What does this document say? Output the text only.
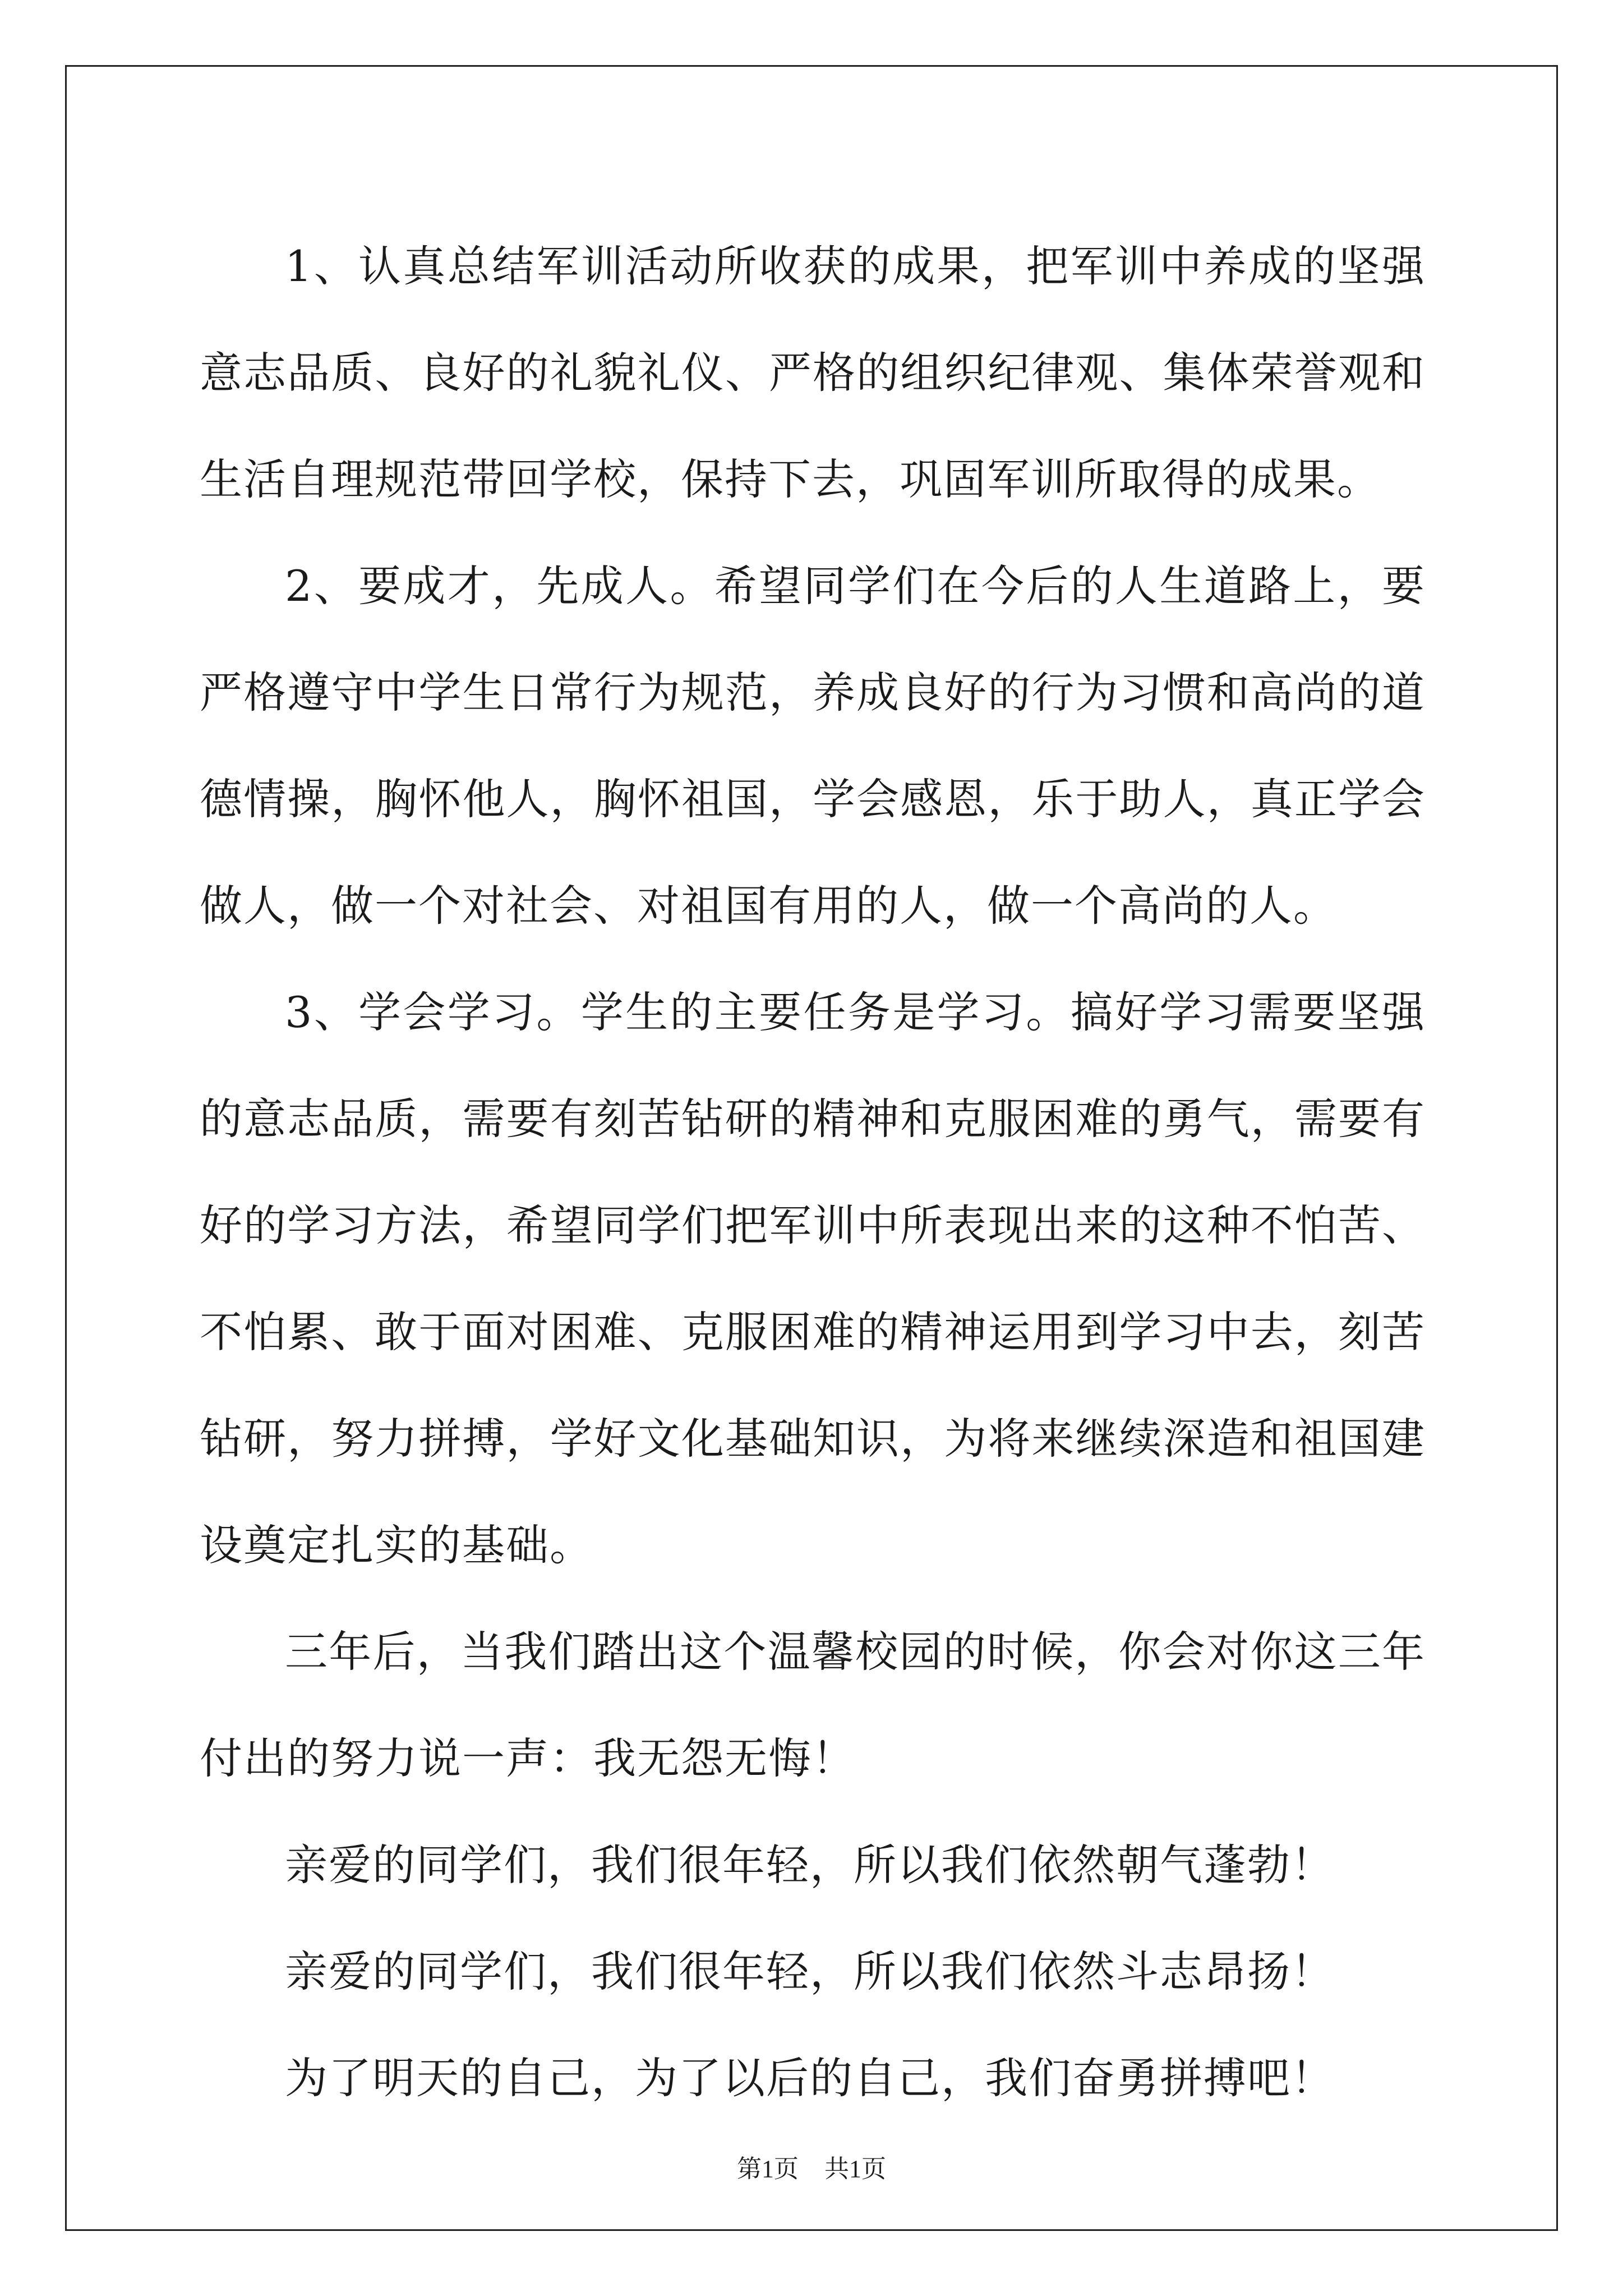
1、认真总结军训活动所收获的成果，把军训中养成的坚强意志品质、良好的礼貌礼仪、严格的组织纪律观、集体荣誉观和生活自理规范带回学校，保持下去，巩固军训所取得的成果。

2、要成才，先成人。希望同学们在今后的人生道路上，要严格遵守中学生日常行为规范，养成良好的行为习惯和高尚的道德情操，胸怀他人，胸怀祖国，学会感恩，乐于助人，真正学会做人，做一个对社会、对祖国有用的人，做一个高尚的人。

3、学会学习。学生的主要任务是学习。搞好学习需要坚强的意志品质，需要有刻苦钻研的精神和克服困难的勇气，需要有好的学习方法，希望同学们把军训中所表现出来的这种不怕苦、不怕累、敢于面对困难、克服困难的精神运用到学习中去，刻苦钻研，努力拼搏，学好文化基础知识，为将来继续深造和祖国建设奠定扎实的基础。

三年后，当我们踏出这个温馨校园的时候，你会对你这三年付出的努力说一声：我无怨无悔！

亲爱的同学们，我们很年轻，所以我们依然朝气蓬勃！

亲爱的同学们，我们很年轻，所以我们依然斗志昂扬！

为了明天的自己，为了以后的自己，我们奋勇拼搏吧！

第1页 共1页
